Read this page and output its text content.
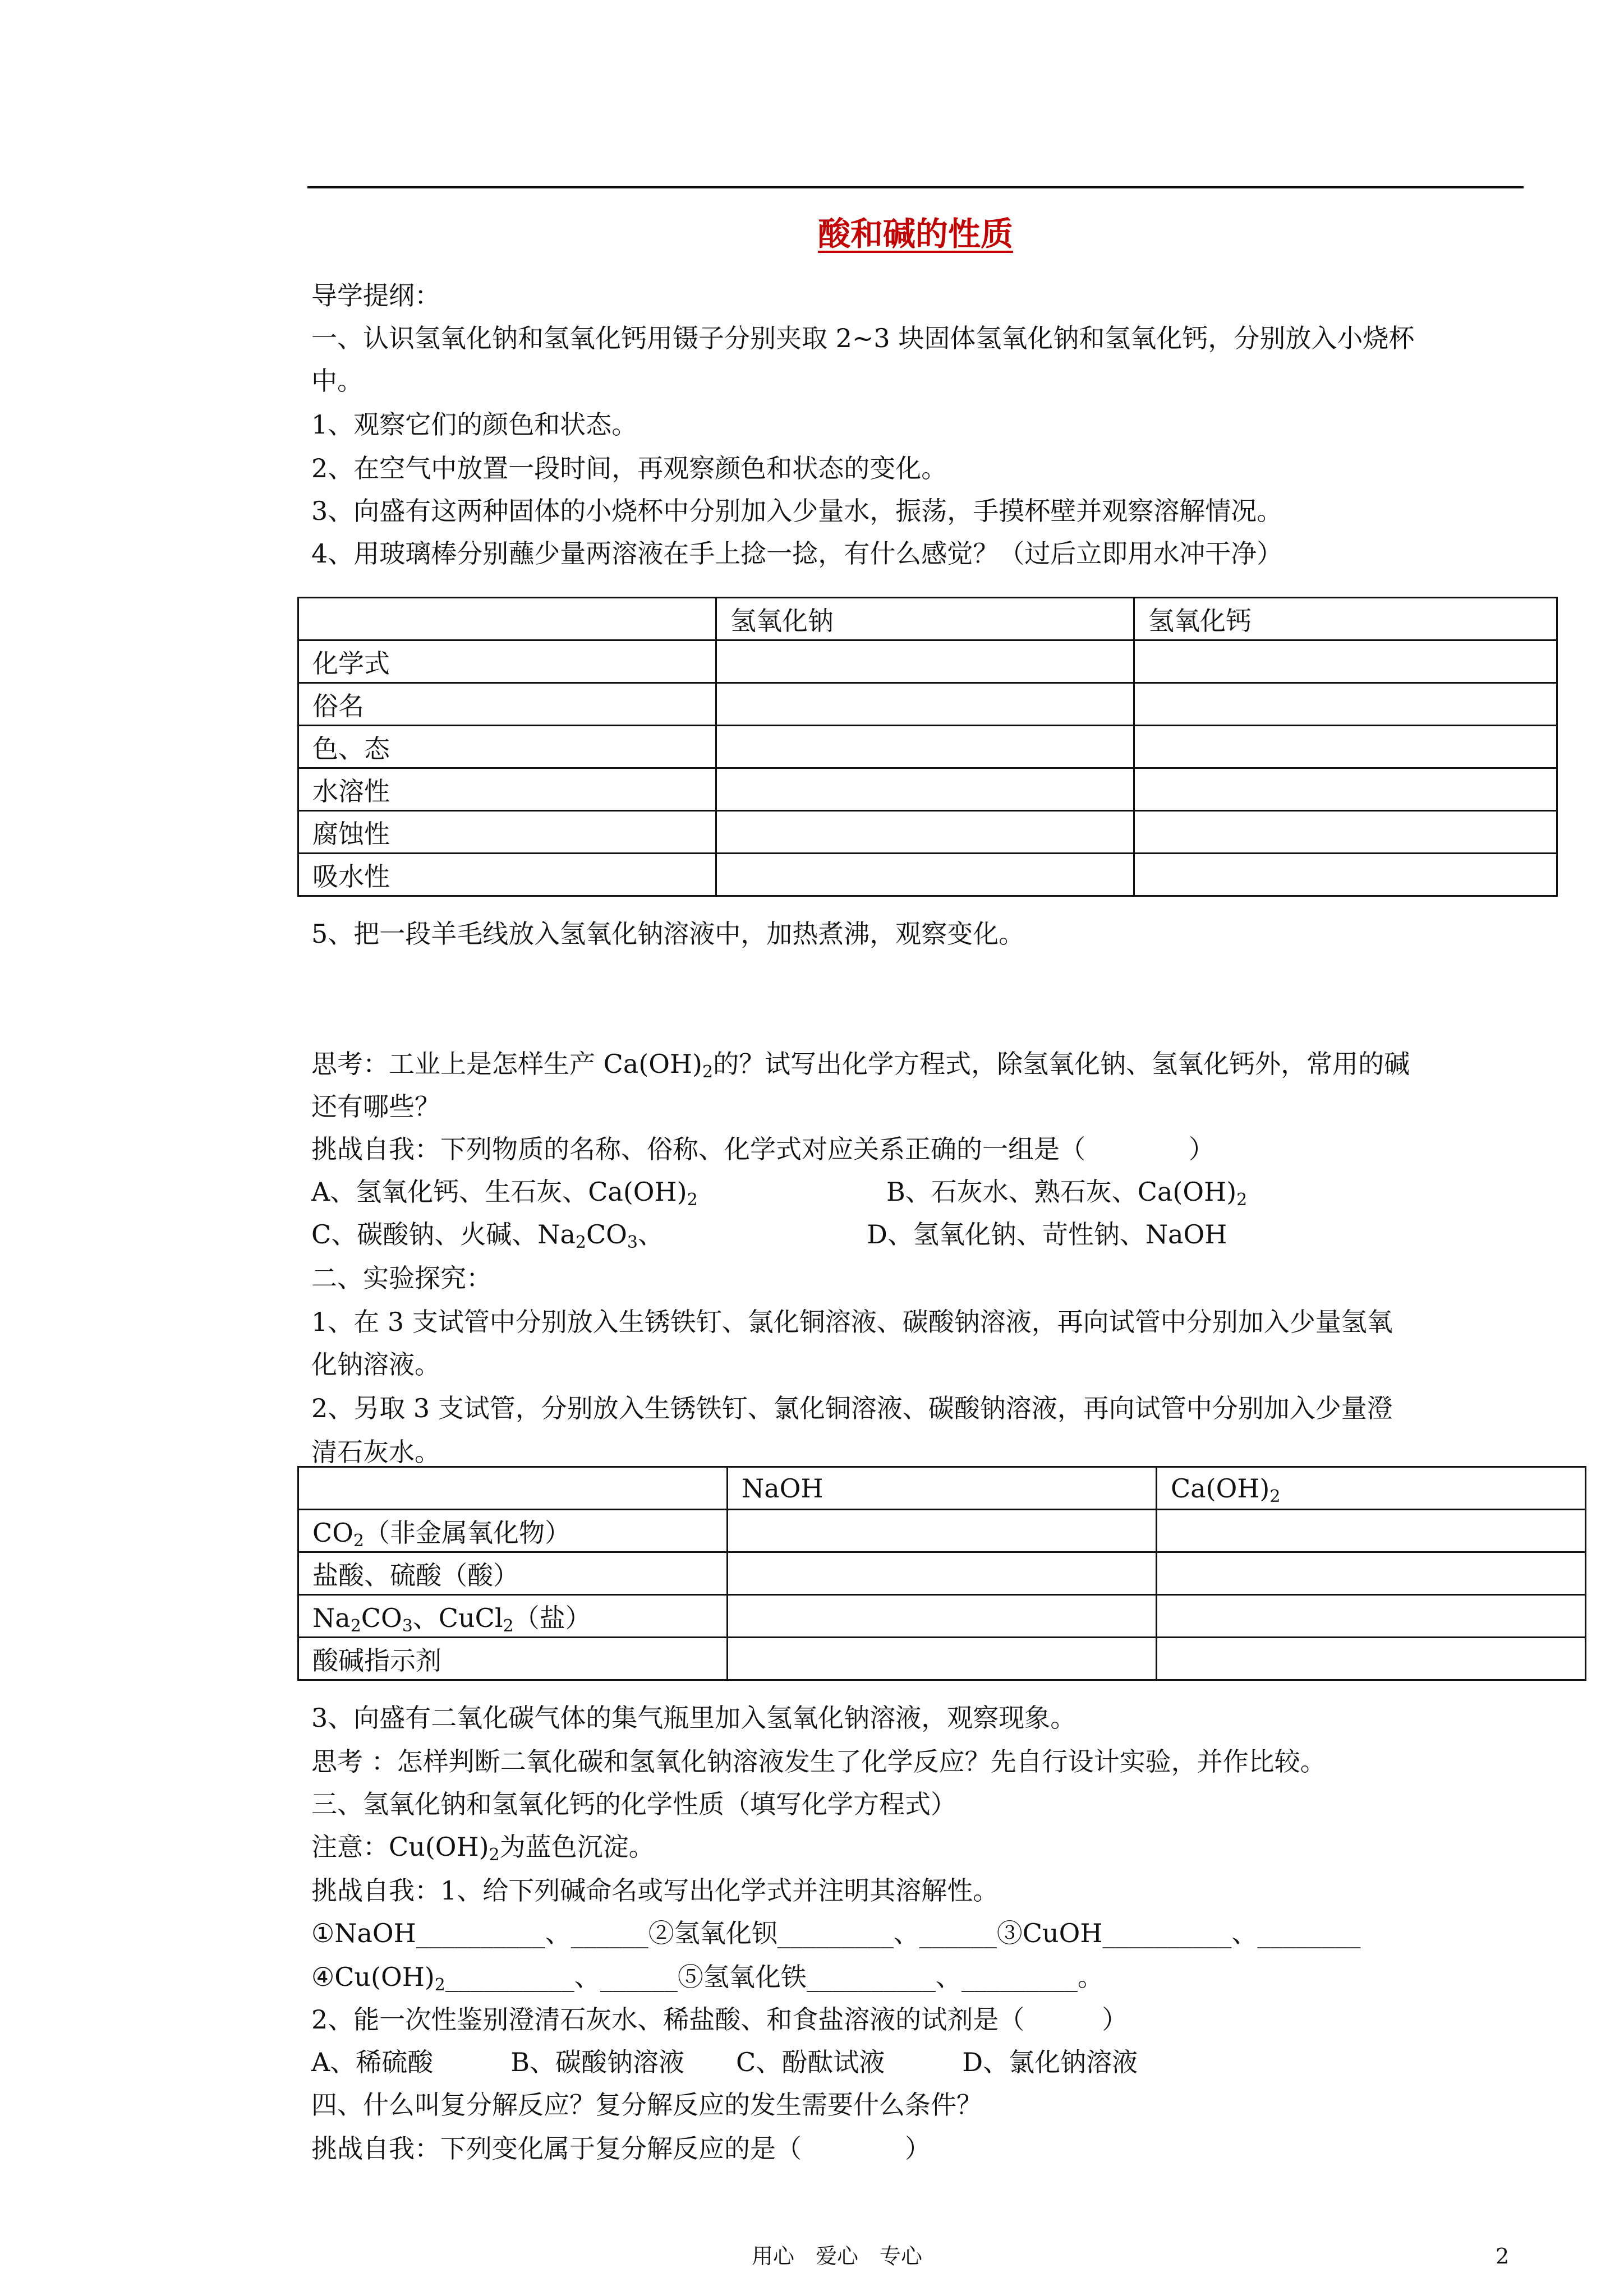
酸和碱的性质
导学提纲：
一、认识氢氧化钠和氢氧化钙用镊子分别夹取 2~3 块固体氢氧化钠和氢氧化钙，分别放入小烧杯
中。
1、观察它们的颜色和状态。
2、在空气中放置一段时间，再观察颜色和状态的变化。
3、向盛有这两种固体的小烧杯中分别加入少量水，振荡，手摸杯壁并观察溶解情况。
4、用玻璃棒分别蘸少量两溶液在手上捻一捻，有什么感觉？（过后立即用水冲干净）
	氢氧化钠	氢氧化钙
化学式		
俗名		
色、态		
水溶性		
腐蚀性		
吸水性		
5、把一段羊毛线放入氢氧化钠溶液中，加热煮沸，观察变化。
思考：工业上是怎样生产 $Ca(OH)_2$的？试写出化学方程式，除氢氧化钠、氢氧化钙外，常用的碱
还有哪些？
挑战自我：下列物质的名称、俗称、化学式对应关系正确的一组是（　　　　）
A、氢氧化钙、生石灰、$Ca(OH)_2$	B、石灰水、熟石灰、$Ca(OH)_2$
C、碳酸钠、火碱、$Na_2CO_3$、	D、氢氧化钠、苛性钠、NaOH
二、实验探究：
1、在 3 支试管中分别放入生锈铁钉、氯化铜溶液、碳酸钠溶液，再向试管中分别加入少量氢氧
化钠溶液。
2、另取 3 支试管，分别放入生锈铁钉、氯化铜溶液、碳酸钠溶液，再向试管中分别加入少量澄
清石灰水。
	NaOH	$Ca(OH)_2$
$CO_2$（非金属氧化物）		
盐酸、硫酸（酸）		
$Na_2CO_3$、CuCl$_2$（盐）		
酸碱指示剂		
3、向盛有二氧化碳气体的集气瓶里加入氢氧化钠溶液，观察现象。
思考 ：怎样判断二氧化碳和氢氧化钠溶液发生了化学反应？先自行设计实验，并作比较。
三、氢氧化钠和氢氧化钙的化学性质（填写化学方程式）
注意：$Cu(OH)_2$为蓝色沉淀。
挑战自我：1、给下列碱命名或写出化学式并注明其溶解性。
①NaOH__________、______②氢氧化钡_________、______③CuOH__________、________
$④Cu(OH)_2\_\_\_\_\_\_\_\_\_\_$、______⑤氢氧化铁__________、_________。
2、能一次性鉴别澄清石灰水、稀盐酸、和食盐溶液的试剂是（　　　）
A、稀硫酸　　　B、碳酸钠溶液　　C、酚酞试液　　　D、氯化钠溶液
四、什么叫复分解反应？复分解反应的发生需要什么条件？
挑战自我：下列变化属于复分解反应的是（　　　　）
用心　爱心　专心	2
